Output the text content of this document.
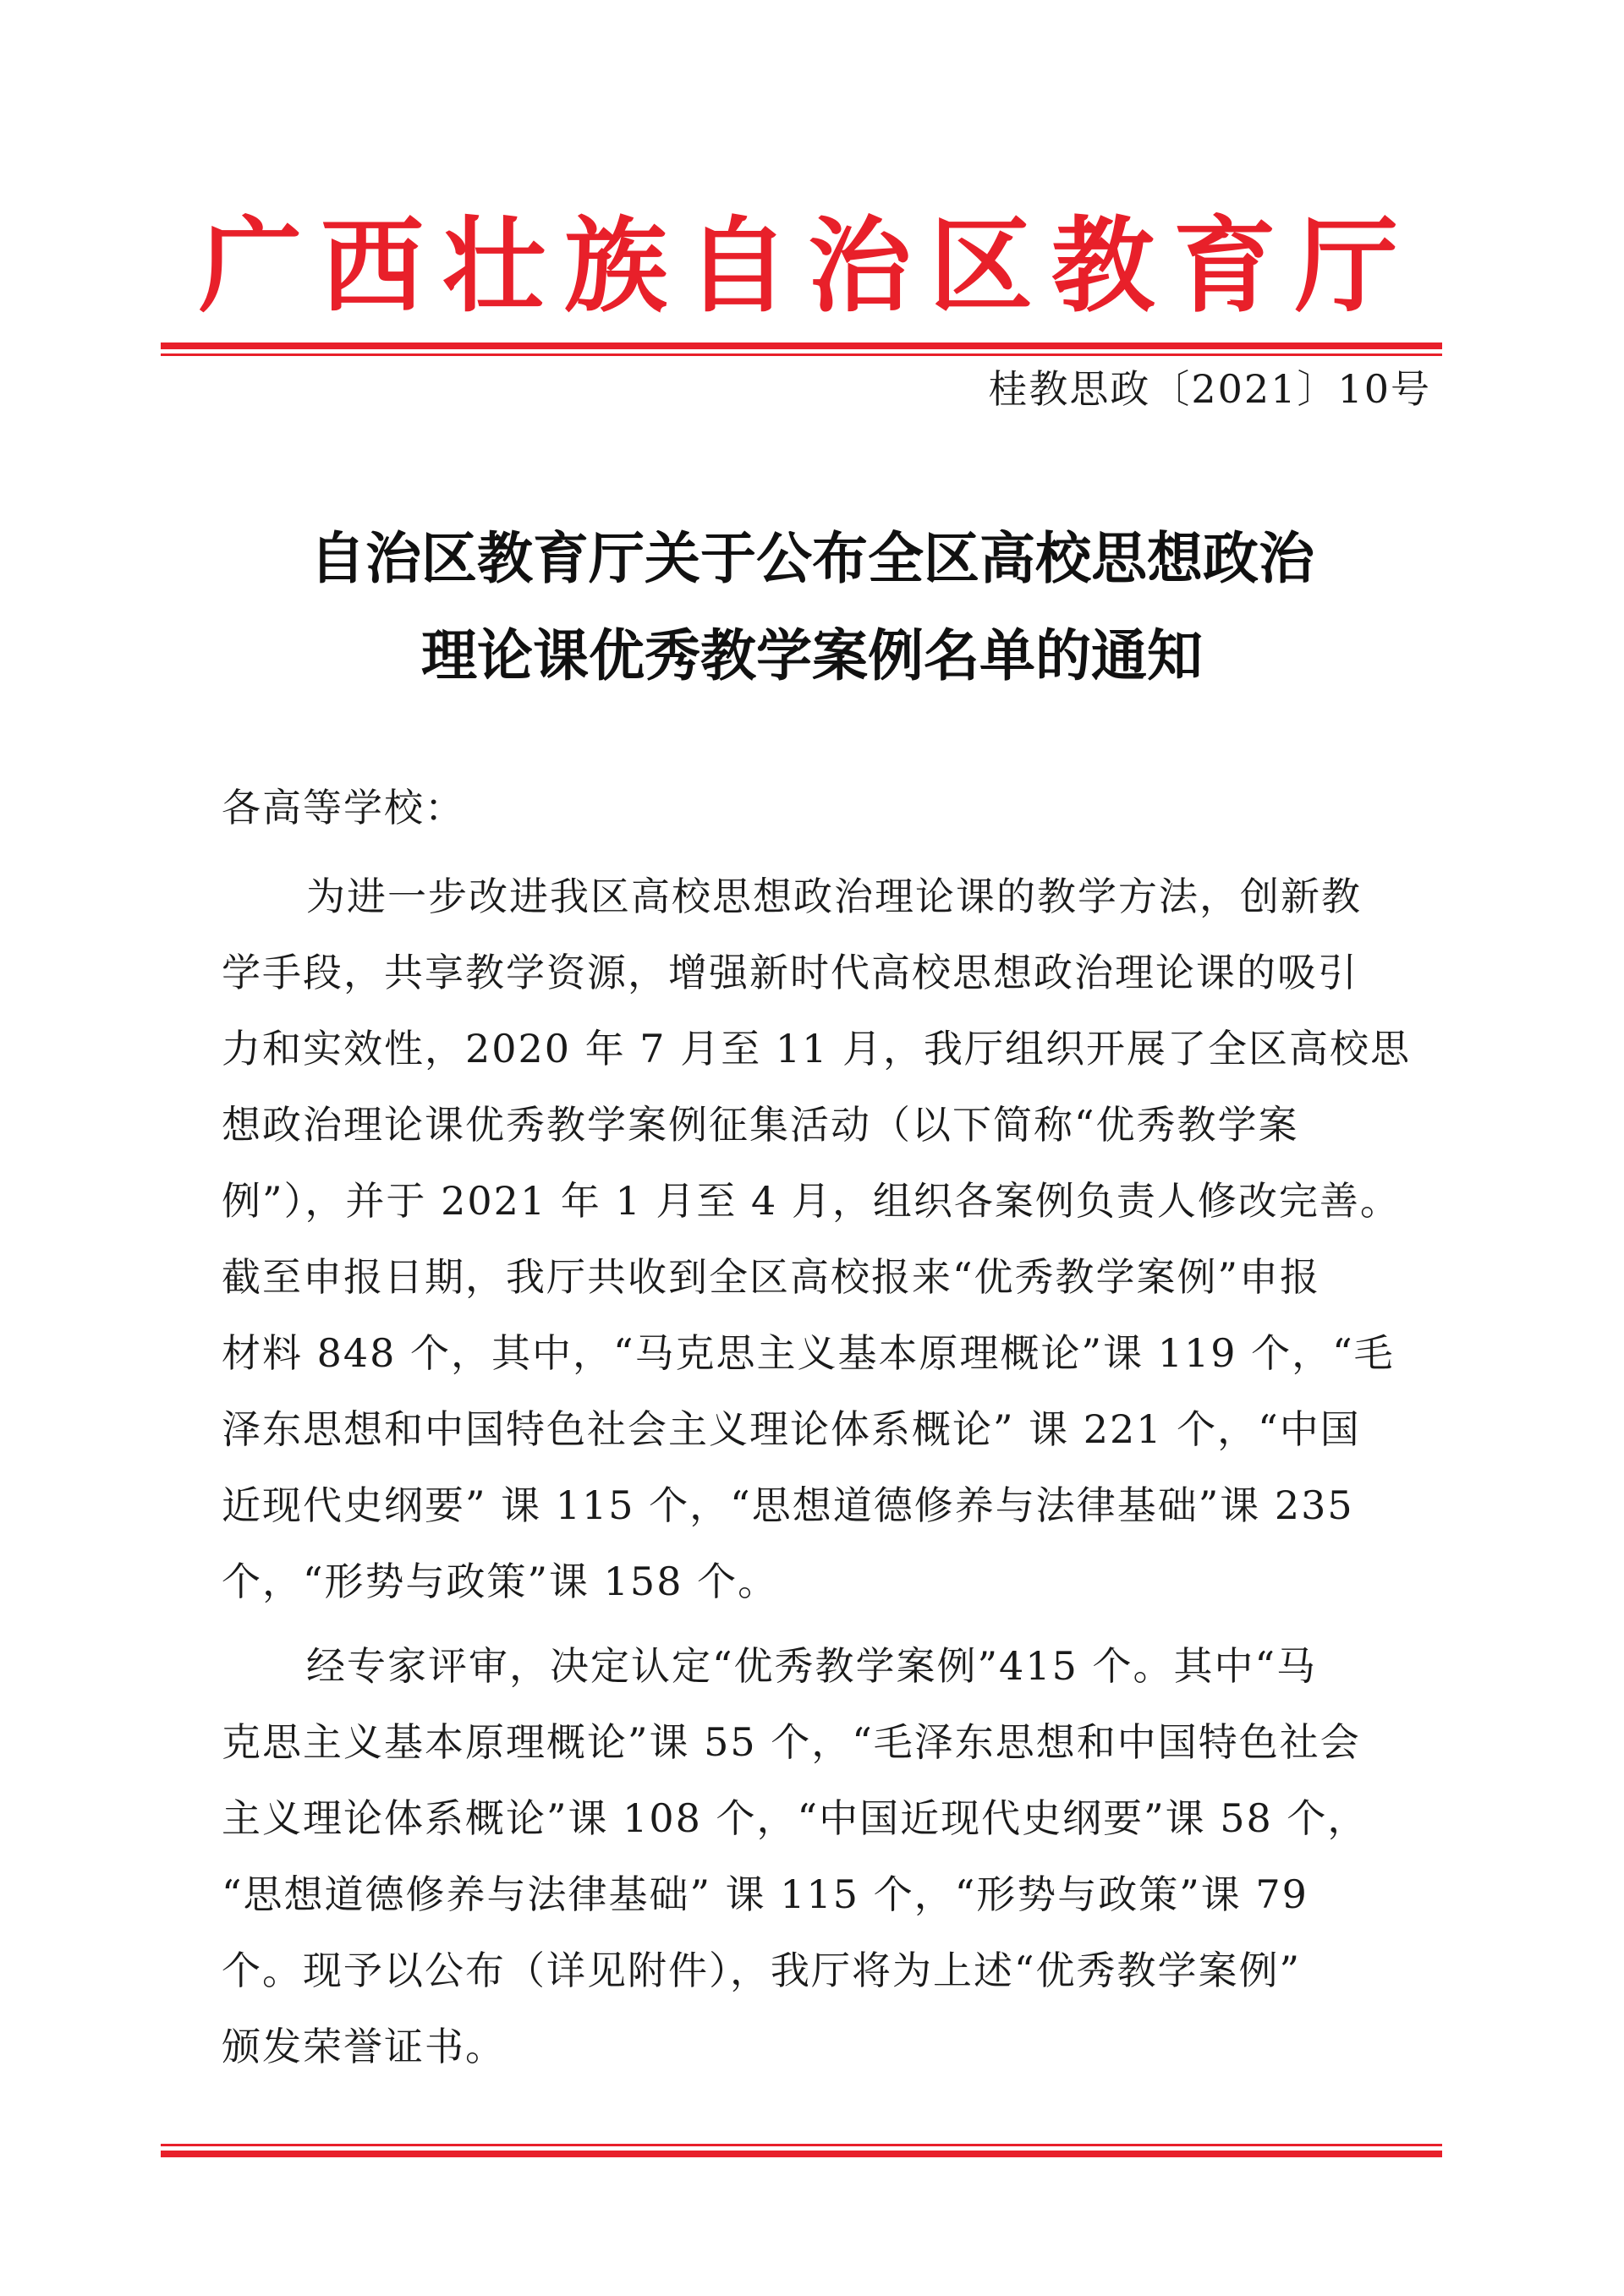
广西壮族自治区教育厅
桂教思政〔2021〕10号
自治区教育厅关于公布全区高校思想政治
理论课优秀教学案例名单的通知
各高等学校：
为进一步改进我区高校思想政治理论课的教学方法，创新教
学手段，共享教学资源，增强新时代高校思想政治理论课的吸引
力和实效性，2020 年 7 月至 11 月，我厅组织开展了全区高校思
想政治理论课优秀教学案例征集活动（以下简称“优秀教学案
例”），并于 2021 年 1 月至 4 月，组织各案例负责人修改完善。
截至申报日期，我厅共收到全区高校报来“优秀教学案例”申报
材料 848 个，其中，“马克思主义基本原理概论”课 119 个，“毛
泽东思想和中国特色社会主义理论体系概论” 课 221 个，“中国
近现代史纲要” 课 115 个，“思想道德修养与法律基础”课 235
个，“形势与政策”课 158 个。
经专家评审，决定认定“优秀教学案例”415 个。其中“马
克思主义基本原理概论”课 55 个，“毛泽东思想和中国特色社会
主义理论体系概论”课 108 个，“中国近现代史纲要”课 58 个，
“思想道德修养与法律基础” 课 115 个，“形势与政策”课 79
个。现予以公布（详见附件），我厅将为上述“优秀教学案例”
颁发荣誉证书。
